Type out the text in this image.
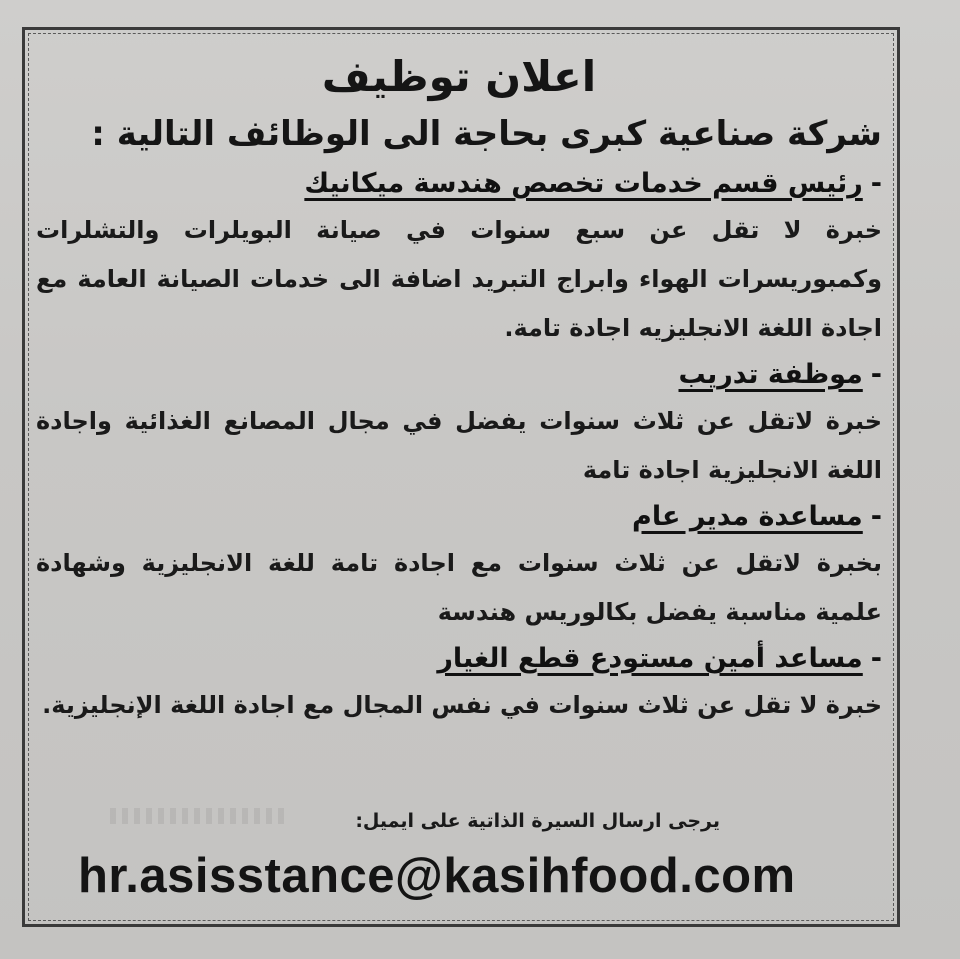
اعلان توظيف
شركة صناعية كبرى بحاجة الى الوظائف التالية :
-رئيس قسم خدمات تخصص هندسة ميكانيك
خبرة لا تقل عن سبع سنوات في صيانة البويلرات والتشلرات وكمبوريسرات الهواء وابراج التبريد اضافة الى خدمات الصيانة العامة مع اجادة اللغة الانجليزيه اجادة تامة.
-موظفة تدريب
خبرة لاتقل عن ثلاث سنوات يفضل في مجال المصانع الغذائية واجادة اللغة الانجليزية اجادة تامة
-مساعدة مدير عام
بخبرة لاتقل عن ثلاث سنوات مع اجادة تامة للغة الانجليزية وشهادة علمية مناسبة يفضل بكالوريس هندسة
-مساعد أمين مستودع قطع الغيار
خبرة لا تقل عن ثلاث سنوات في نفس المجال مع اجادة اللغة الإنجليزية.
يرجى ارسال السيرة الذاتية على ايميل:
hr.asisstance@kasihfood.com
